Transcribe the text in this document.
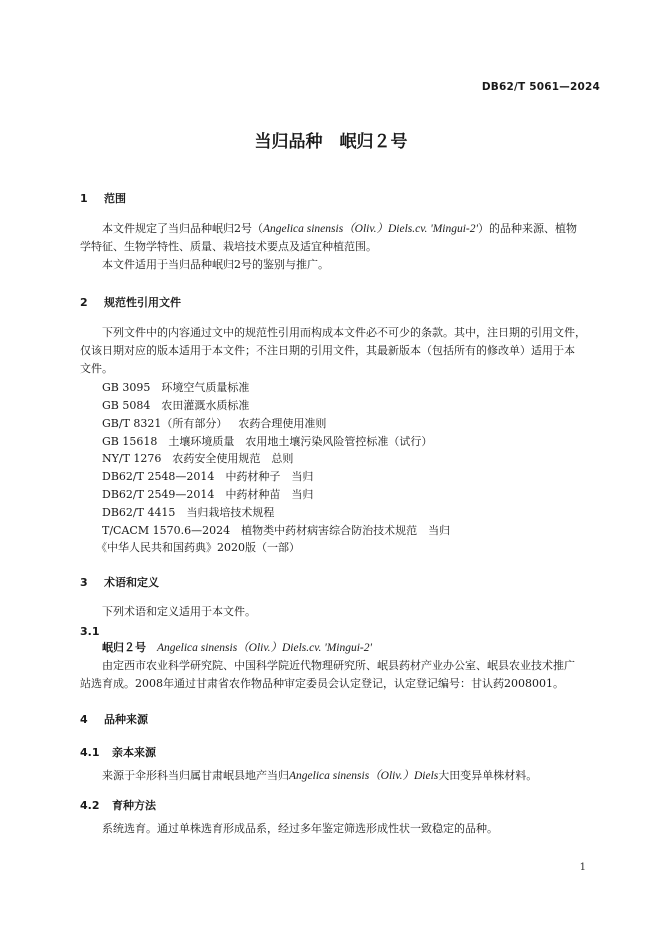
DB62/T 5061—2024
当归品种　岷归２号
1 范围
本文件规定了当归品种岷归2号（Angelica sinensis（Oliv.）Diels.cv. 'Mingui-2'）的品种来源、植物
学特征、生物学特性、质量、栽培技术要点及适宜种植范围。
本文件适用于当归品种岷归2号的鉴别与推广。
2 规范性引用文件
下列文件中的内容通过文中的规范性引用而构成本文件必不可少的条款。其中，注日期的引用文件，
仅该日期对应的版本适用于本文件；不注日期的引用文件，其最新版本（包括所有的修改单）适用于本
文件。
GB 3095　 环境空气质量标准
GB 5084　 农田灌溉水质标准
GB/T 8321（所有部分）　 农药合理使用准则
GB 15618　 土壤环境质量　农用地土壤污染风险管控标准（试行）
NY/T 1276　 农药安全使用规范　总则
DB62/T 2548—2014　 中药材种子　当归
DB62/T 2549—2014　 中药材种苗　当归
DB62/T 4415　 当归栽培技术规程
T/CACM 1570.6—2024　 植物类中药材病害综合防治技术规范　当归
《中华人民共和国药典》2020版（一部）
3 术语和定义
下列术语和定义适用于本文件。
3.1
岷归２号　 Angelica sinensis（Oliv.）Diels.cv. 'Mingui-2'
由定西市农业科学研究院、中国科学院近代物理研究所、岷县药材产业办公室、岷县农业技术推广
站选育成。2008年通过甘肃省农作物品种审定委员会认定登记，认定登记编号：甘认药2008001。
4 品种来源
4.1 亲本来源
来源于伞形科当归属甘肃岷县地产当归Angelica sinensis（Oliv.）Diels大田变异单株材料。
4.2 育种方法
系统选育。通过单株选育形成品系，经过多年鉴定筛选形成性状一致稳定的品种。
1
